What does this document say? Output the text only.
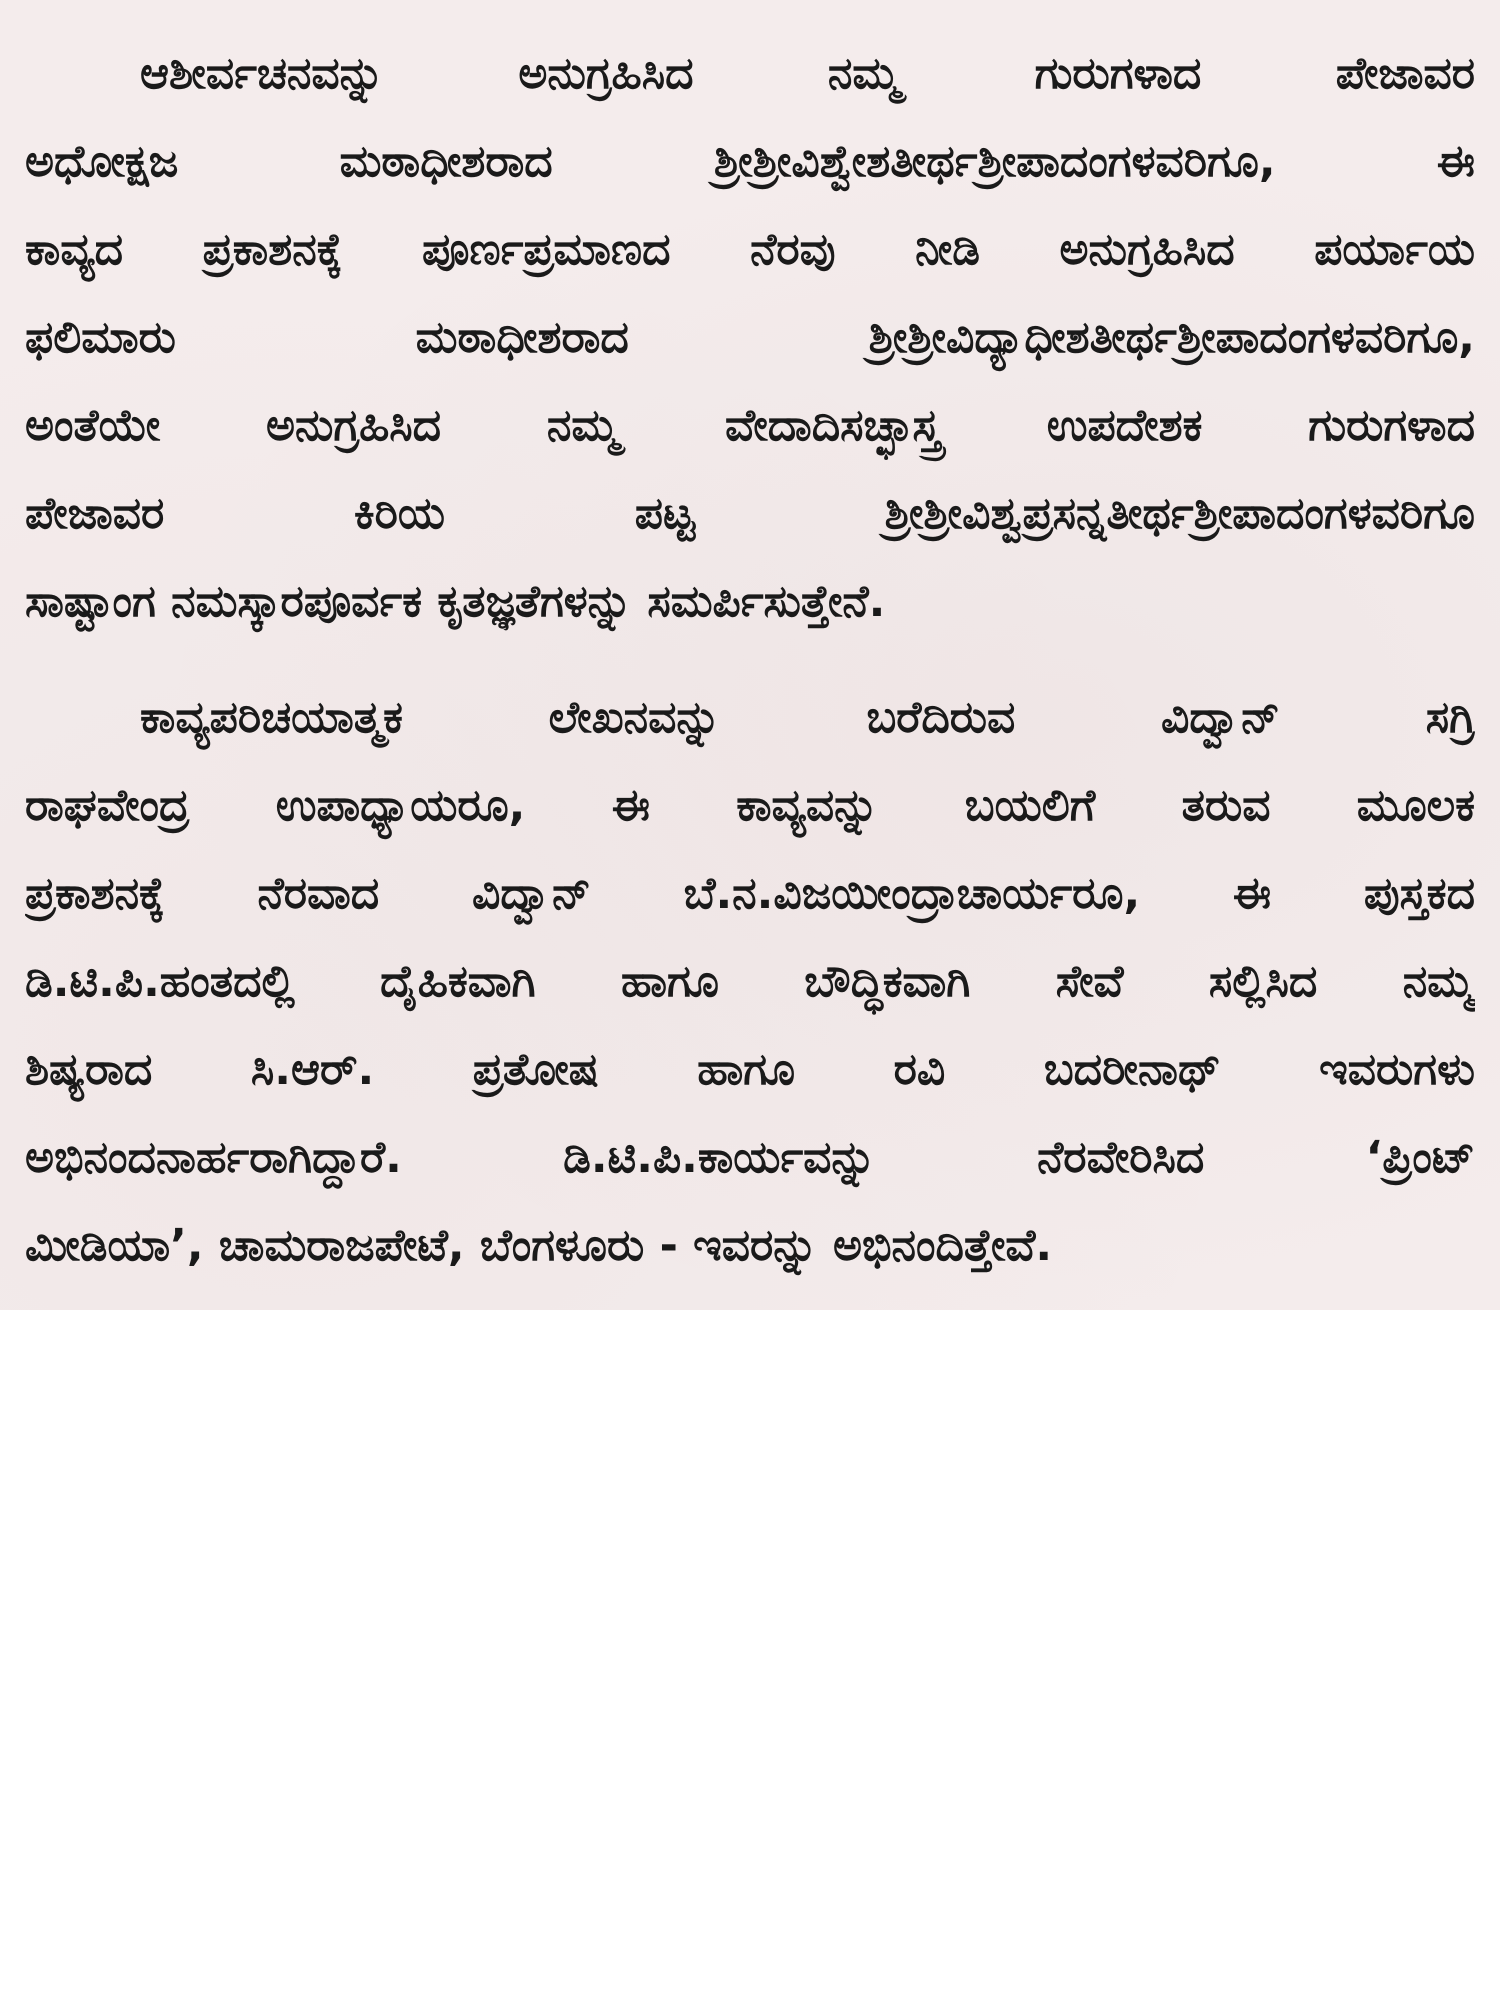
ಆಶೀರ್ವಚನವನ್ನು ಅನುಗ್ರಹಿಸಿದ ನಮ್ಮ ಗುರುಗಳಾದ ಪೇಜಾವರ
ಅಧೋಕ್ಷಜ ಮಠಾಧೀಶರಾದ ಶ್ರೀಶ್ರೀವಿಶ್ವೇಶತೀರ್ಥಶ್ರೀಪಾದಂಗಳವರಿಗೂ, ಈ
ಕಾವ್ಯದ ಪ್ರಕಾಶನಕ್ಕೆ ಪೂರ್ಣಪ್ರಮಾಣದ ನೆರವು ನೀಡಿ ಅನುಗ್ರಹಿಸಿದ ಪರ್ಯಾಯ
ಫಲಿಮಾರು ಮಠಾಧೀಶರಾದ ಶ್ರೀಶ್ರೀವಿದ್ಯಾಧೀಶತೀರ್ಥಶ್ರೀಪಾದಂಗಳವರಿಗೂ,
ಅಂತೆಯೇ ಅನುಗ್ರಹಿಸಿದ ನಮ್ಮ ವೇದಾದಿಸಚ್ಛಾಸ್ತ್ರ ಉಪದೇಶಕ ಗುರುಗಳಾದ
ಪೇಜಾವರ ಕಿರಿಯ ಪಟ್ಟ ಶ್ರೀಶ್ರೀವಿಶ್ವಪ್ರಸನ್ನತೀರ್ಥಶ್ರೀಪಾದಂಗಳವರಿಗೂ
ಸಾಷ್ಟಾಂಗ ನಮಸ್ಕಾರಪೂರ್ವಕ ಕೃತಜ್ಞತೆಗಳನ್ನು ಸಮರ್ಪಿಸುತ್ತೇನೆ.
ಕಾವ್ಯಪರಿಚಯಾತ್ಮಕ ಲೇಖನವನ್ನು ಬರೆದಿರುವ ವಿದ್ವಾನ್ ಸಗ್ರಿ
ರಾಘವೇಂದ್ರ ಉಪಾಧ್ಯಾಯರೂ, ಈ ಕಾವ್ಯವನ್ನು ಬಯಲಿಗೆ ತರುವ ಮೂಲಕ
ಪ್ರಕಾಶನಕ್ಕೆ ನೆರವಾದ ವಿದ್ವಾನ್ ಬೆ.ನ.ವಿಜಯೀಂದ್ರಾಚಾರ್ಯರೂ, ಈ ಪುಸ್ತಕದ
ಡಿ.ಟಿ.ಪಿ.ಹಂತದಲ್ಲಿ ದೈಹಿಕವಾಗಿ ಹಾಗೂ ಬೌದ್ಧಿಕವಾಗಿ ಸೇವೆ ಸಲ್ಲಿಸಿದ ನಮ್ಮ
ಶಿಷ್ಯರಾದ ಸಿ.ಆರ್. ಪ್ರತೋಷ ಹಾಗೂ ರವಿ ಬದರೀನಾಥ್ ಇವರುಗಳು
ಅಭಿನಂದನಾರ್ಹರಾಗಿದ್ದಾರೆ. ಡಿ.ಟಿ.ಪಿ.ಕಾರ್ಯವನ್ನು ನೆರವೇರಿಸಿದ ‘ಪ್ರಿಂಟ್
ಮೀಡಿಯಾ’, ಚಾಮರಾಜಪೇಟೆ, ಬೆಂಗಳೂರು - ಇವರನ್ನು ಅಭಿನಂದಿತ್ತೇವೆ.
